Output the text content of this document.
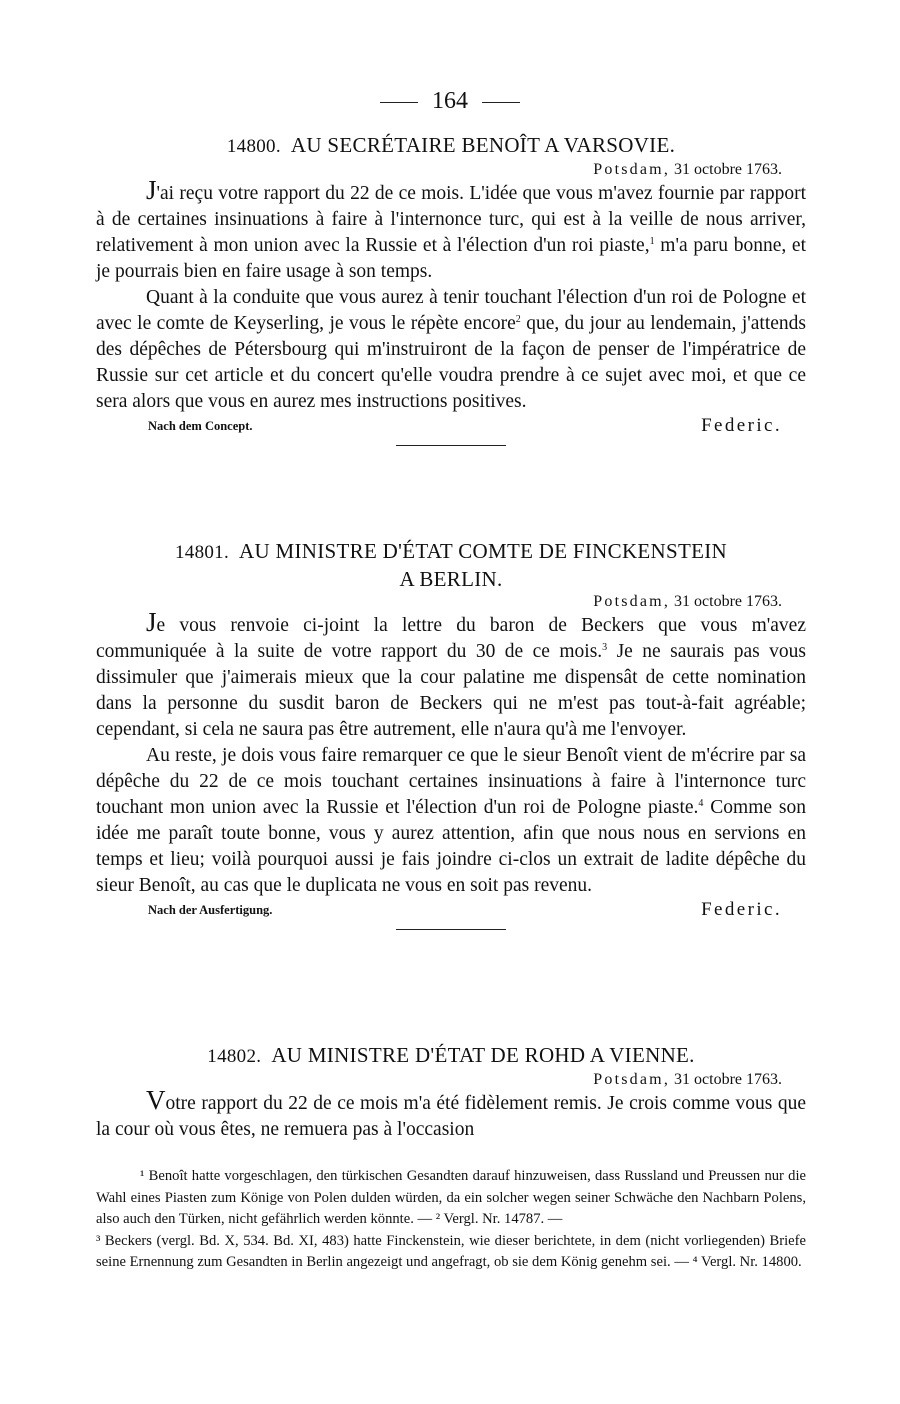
164
14800. AU SECRÉTAIRE BENOÎT A VARSOVIE.
Potsdam, 31 octobre 1763.

J'ai reçu votre rapport du 22 de ce mois. L'idée que vous m'avez fournie par rapport à de certaines insinuations à faire à l'internonce turc, qui est à la veille de nous arriver, relativement à mon union avec la Russie et à l'élection d'un roi piaste,$^1$ m'a paru bonne, et je pourrais bien en faire usage à son temps.

Quant à la conduite que vous aurez à tenir touchant l'élection d'un roi de Pologne et avec le comte de Keyserling, je vous le répète encore$^2$ que, du jour au lendemain, j'attends des dépêches de Pétersbourg qui m'instruiront de la façon de penser de l'impératrice de Russie sur cet article et du concert qu'elle voudra prendre à ce sujet avec moi, et que ce sera alors que vous en aurez mes instructions positives.

Nach dem Concept.	Federic.
14801. AU MINISTRE D'ÉTAT COMTE DE FINCKENSTEIN
A BERLIN.
Potsdam, 31 octobre 1763.

Je vous renvoie ci-joint la lettre du baron de Beckers que vous m'avez communiquée à la suite de votre rapport du 30 de ce mois.$^3$ Je ne saurais pas vous dissimuler que j'aimerais mieux que la cour palatine me dispensât de cette nomination dans la personne du susdit baron de Beckers qui ne m'est pas tout-à-fait agréable; cependant, si cela ne saura pas être autrement, elle n'aura qu'à me l'envoyer.

Au reste, je dois vous faire remarquer ce que le sieur Benoît vient de m'écrire par sa dépêche du 22 de ce mois touchant certaines insinuations à faire à l'internonce turc touchant mon union avec la Russie et l'élection d'un roi de Pologne piaste.$^4$ Comme son idée me paraît toute bonne, vous y aurez attention, afin que nous nous en servions en temps et lieu; voilà pourquoi aussi je fais joindre ci-clos un extrait de ladite dépêche du sieur Benoît, au cas que le duplicata ne vous en soit pas revenu.

Nach der Ausfertigung.	Federic.
14802. AU MINISTRE D'ÉTAT DE ROHD A VIENNE.
Potsdam, 31 octobre 1763.

Votre rapport du 22 de ce mois m'a été fidèlement remis. Je crois comme vous que la cour où vous êtes, ne remuera pas à l'occasion

¹ Benoît hatte vorgeschlagen, den türkischen Gesandten darauf hinzuweisen, dass Russland und Preussen nur die Wahl eines Piasten zum Könige von Polen dulden würden, da ein solcher wegen seiner Schwäche den Nachbarn Polens, also auch den Türken, nicht gefährlich werden könnte. — ² Vergl. Nr. 14787. —

³ Beckers (vergl. Bd. X, 534. Bd. XI, 483) hatte Finckenstein, wie dieser berichtete, in dem (nicht vorliegenden) Briefe seine Ernennung zum Gesandten in Berlin angezeigt und angefragt, ob sie dem König genehm sei. — ⁴ Vergl. Nr. 14800.
